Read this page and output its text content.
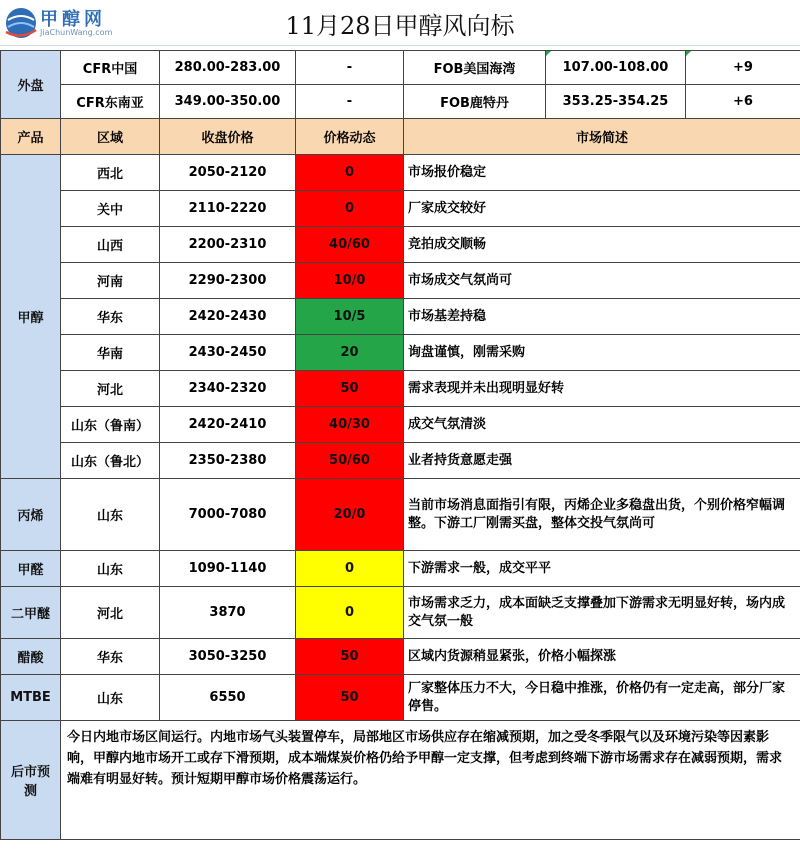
甲醇网
JiaChunWang.com	11月28日甲醇风向标
外盘	CFR中国	280.00-283.00	-	FOB美国海湾	107.00-108.00	+9
	CFR东南亚	349.00-350.00	-	FOB鹿特丹	353.25-354.25	+6
产品	区域	收盘价格	价格动态	市场简述		
甲醇	西北	2050-2120	0	市场报价稳定		
	关中	2110-2220	0	厂家成交较好		
	山西	2200-2310	40/60	竞拍成交顺畅		
	河南	2290-2300	10/0	市场成交气氛尚可		
	华东	2420-2430	10/5	市场基差持稳		
	华南	2430-2450	20	询盘谨慎，刚需采购		
	河北	2340-2320	50	需求表现并未出现明显好转		
	山东（鲁南）	2420-2410	40/30	成交气氛清淡		
	山东（鲁北）	2350-2380	50/60	业者持货意愿走强		
丙烯	山东	7000-7080	20/0	当前市场消息面指引有限，丙烯企业多稳盘出货，个别价格窄幅调整。下游工厂刚需买盘，整体交投气氛尚可		
甲醛	山东	1090-1140	0	下游需求一般，成交平平		
二甲醚	河北	3870	0	市场需求乏力，成本面缺乏支撑叠加下游需求无明显好转，场内成交气氛一般		
醋酸	华东	3050-3250	50	区域内货源稍显紧张，价格小幅探涨		
MTBE	山东	6550	50	厂家整体压力不大，今日稳中推涨，价格仍有一定走高，部分厂家停售。		
后市预测	今日内地市场区间运行。内地市场气头装置停车，局部地区市场供应存在缩减预期，加之受冬季限气以及环境污染等因素影响，甲醇内地市场开工或存下滑预期，成本端煤炭价格仍给予甲醇一定支撑，但考虑到终端下游市场需求存在减弱预期，需求端难有明显好转。预计短期甲醇市场价格震荡运行。					
